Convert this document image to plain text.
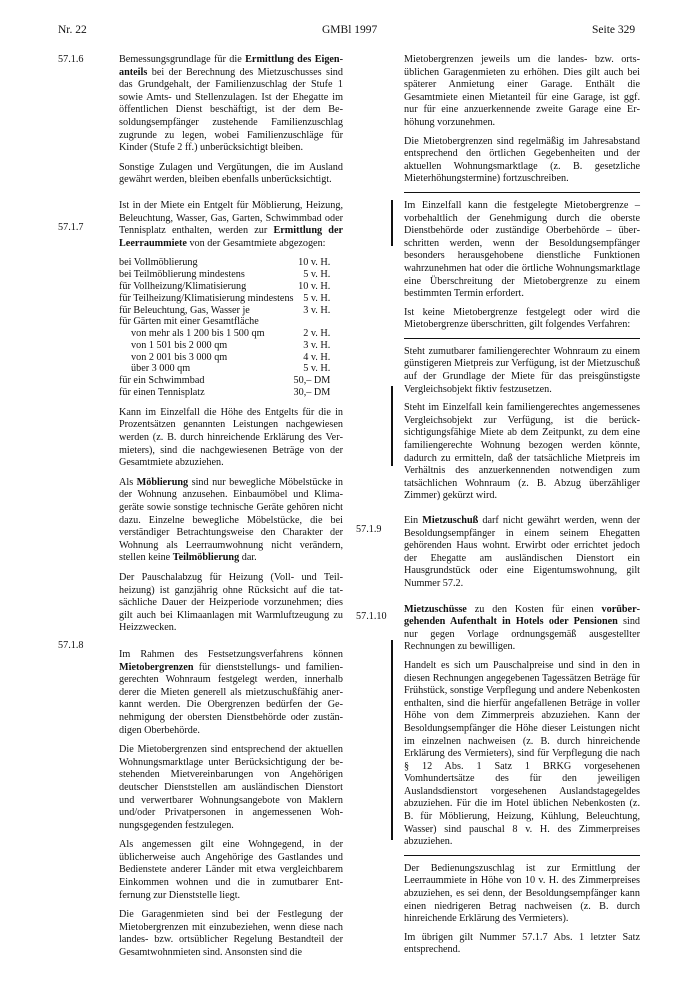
Nr. 22	GMBl 1997	Seite 329
57.1.6
57.1.7
57.1.8

Bemessungsgrundlage für die Ermittlung des Eigenanteils bei der Berechnung des Mietzuschusses sind das Grundgehalt, der Familienzuschlag der Stufe 1 sowie Amts- und Stellenzulagen. Ist der Ehegatte im öffentlichen Dienst beschäftigt, ist der dem Besoldungsempfänger zustehende Familienzuschlag zugrunde zu legen, wobei Familienzuschläge für Kinder (Stufe 2 ff.) unberücksichtigt bleiben.

Sonstige Zulagen und Vergütungen, die im Ausland gewährt werden, bleiben ebenfalls unberücksichtigt.

Ist in der Miete ein Entgelt für Möblierung, Heizung, Beleuchtung, Wasser, Gas, Garten, Schwimmbad oder Tennisplatz enthalten, werden zur Ermittlung der Leerraummiete von der Gesamtmiete abgezogen:

bei Vollmöblierung	10 v. H.
bei Teilmöblierung mindestens	5 v. H.
für Vollheizung/Klimatisierung	10 v. H.
für Teilheizung/Klimatisierung mindestens	5 v. H.
für Beleuchtung, Gas, Wasser je	3 v. H.
für Gärten mit einer Gesamtfläche	
von mehr als 1 200 bis 1 500 qm	2 v. H.
von 1 501 bis 2 000 qm	3 v. H.
von 2 001 bis 3 000 qm	4 v. H.
über 3 000 qm	5 v. H.
für ein Schwimmbad	50,– DM
für einen Tennisplatz	30,– DM

Kann im Einzelfall die Höhe des Entgelts für die in Prozentsätzen genannten Leistungen nachgewiesen werden (z. B. durch hinreichende Erklärung des Vermieters), sind die nachgewiesenen Beträge von der Gesamtmiete abzuziehen.

Als Möblierung sind nur bewegliche Möbelstücke in der Wohnung anzusehen. Einbaumöbel und Klimageräte sowie sonstige technische Geräte gehören nicht dazu. Einzelne bewegliche Möbelstücke, die bei verständiger Betrachtungsweise den Charakter der Wohnung als Leerraumwohnung nicht verändern, stellen keine Teilmöblierung dar.

Der Pauschalabzug für Heizung (Voll- und Teilheizung) ist ganzjährig ohne Rücksicht auf die tatsächliche Dauer der Heizperiode vorzunehmen; dies gilt auch bei Klimaanlagen mit Warmluftzeugung zu Heizzwecken.

Im Rahmen des Festsetzungsverfahrens können Mietobergrenzen für dienststellungs- und familiengerechten Wohnraum festgelegt werden, innerhalb derer die Mieten generell als mietzuschußfähig anerkannt werden. Die Obergrenzen bedürfen der Genehmigung der obersten Dienstbehörde oder zuständigen Oberbehörde.

Die Mietobergrenzen sind entsprechend der aktuellen Wohnungsmarktlage unter Berücksichtigung der bestehenden Mietvereinbarungen von Angehörigen deutscher Dienststellen am ausländischen Dienstort und verwertbarer Wohnungsangebote von Maklern und/oder Privatpersonen in angemessenen Wohnungsgegenden festzulegen.

Als angemessen gilt eine Wohngegend, in der üblicherweise auch Angehörige des Gastlandes und Bedienstete anderer Länder mit etwa vergleichbarem Einkommen wohnen und die in zumutbarer Entfernung zur Dienststelle liegt.

Die Garagenmieten sind bei der Festlegung der Mietobergrenzen mit einzubeziehen, wenn diese nach landes- bzw. ortsüblicher Regelung Bestandteil der Gesamtwohnmieten sind. Ansonsten sind die

57.1.9
57.1.10

Mietobergrenzen jeweils um die landes- bzw. ortsüblichen Garagenmieten zu erhöhen. Dies gilt auch bei späterer Anmietung einer Garage. Enthält die Gesamtmiete einen Mietanteil für eine Garage, ist ggf. nur für eine anzuerkennende zweite Garage eine Erhöhung vorzunehmen.

Die Mietobergrenzen sind regelmäßig im Jahresabstand entsprechend den örtlichen Gegebenheiten und der aktuellen Wohnungsmarktlage (z. B. gesetzliche Mieterhöhungstermine) fortzuschreiben.

Im Einzelfall kann die festgelegte Mietobergrenze – vorbehaltlich der Genehmigung durch die oberste Dienstbehörde oder zuständige Oberbehörde – überschritten werden, wenn der Besoldungsempfänger besonders herausgehobene dienstliche Funktionen wahrzunehmen hat oder die örtliche Wohnungsmarktlage eine Überschreitung der Mietobergrenze zu einem bestimmten Termin erfordert.

Ist keine Mietobergrenze festgelegt oder wird die Mietobergrenze überschritten, gilt folgendes Verfahren:

Steht zumutbarer familiengerechter Wohnraum zu einem günstigeren Mietpreis zur Verfügung, ist der Mietzuschuß auf der Grundlage der Miete für das preisgünstigste Vergleichsobjekt fiktiv festzusetzen.

Steht im Einzelfall kein familiengerechtes angemessenes Vergleichsobjekt zur Verfügung, ist die berücksichtigungsfähige Miete ab dem Zeitpunkt, zu dem eine familiengerechte Wohnung bezogen werden könnte, dadurch zu ermitteln, daß der tatsächliche Mietpreis im Verhältnis des anzuerkennenden notwendigen zum tatsächlichen Wohnraum (z. B. Abzug überzähliger Zimmer) gekürzt wird.

Ein Mietzuschuß darf nicht gewährt werden, wenn der Besoldungsempfänger in einem seinem Ehegatten gehörenden Haus wohnt. Erwirbt oder errichtet jedoch der Ehegatte am ausländischen Dienstort ein Hausgrundstück oder eine Eigentumswohnung, gilt Nummer 57.2.

Mietzuschüsse zu den Kosten für einen vorübergehenden Aufenthalt in Hotels oder Pensionen sind nur gegen Vorlage ordnungsgemäß ausgestellter Rechnungen zu bewilligen.

Handelt es sich um Pauschalpreise und sind in den in diesen Rechnungen angegebenen Tagessätzen Beträge für Frühstück, sonstige Verpflegung und andere Nebenkosten enthalten, sind die hierfür angefallenen Beträge in voller Höhe von dem Zimmerpreis abzuziehen. Kann der Besoldungsempfänger die Höhe dieser Leistungen nicht im einzelnen nachweisen (z. B. durch hinreichende Erklärung des Vermieters), sind für Verpflegung die nach § 12 Abs. 1 Satz 1 BRKG vorgesehenen Vomhundertsätze des für den jeweiligen Auslandsdienstort vorgesehenen Auslandstagegeldes abzuziehen. Für die im Hotel üblichen Nebenkosten (z. B. für Möblierung, Heizung, Kühlung, Beleuchtung, Wasser) sind pauschal 8 v. H. des Zimmerpreises abzuziehen.

Der Bedienungszuschlag ist zur Ermittlung der Leerraummiete in Höhe von 10 v. H. des Zimmerpreises abzuziehen, es sei denn, der Besoldungsempfänger kann einen niedrigeren Betrag nachweisen (z. B. durch hinreichende Erklärung des Vermieters).

Im übrigen gilt Nummer 57.1.7 Abs. 1 letzter Satz entsprechend.
